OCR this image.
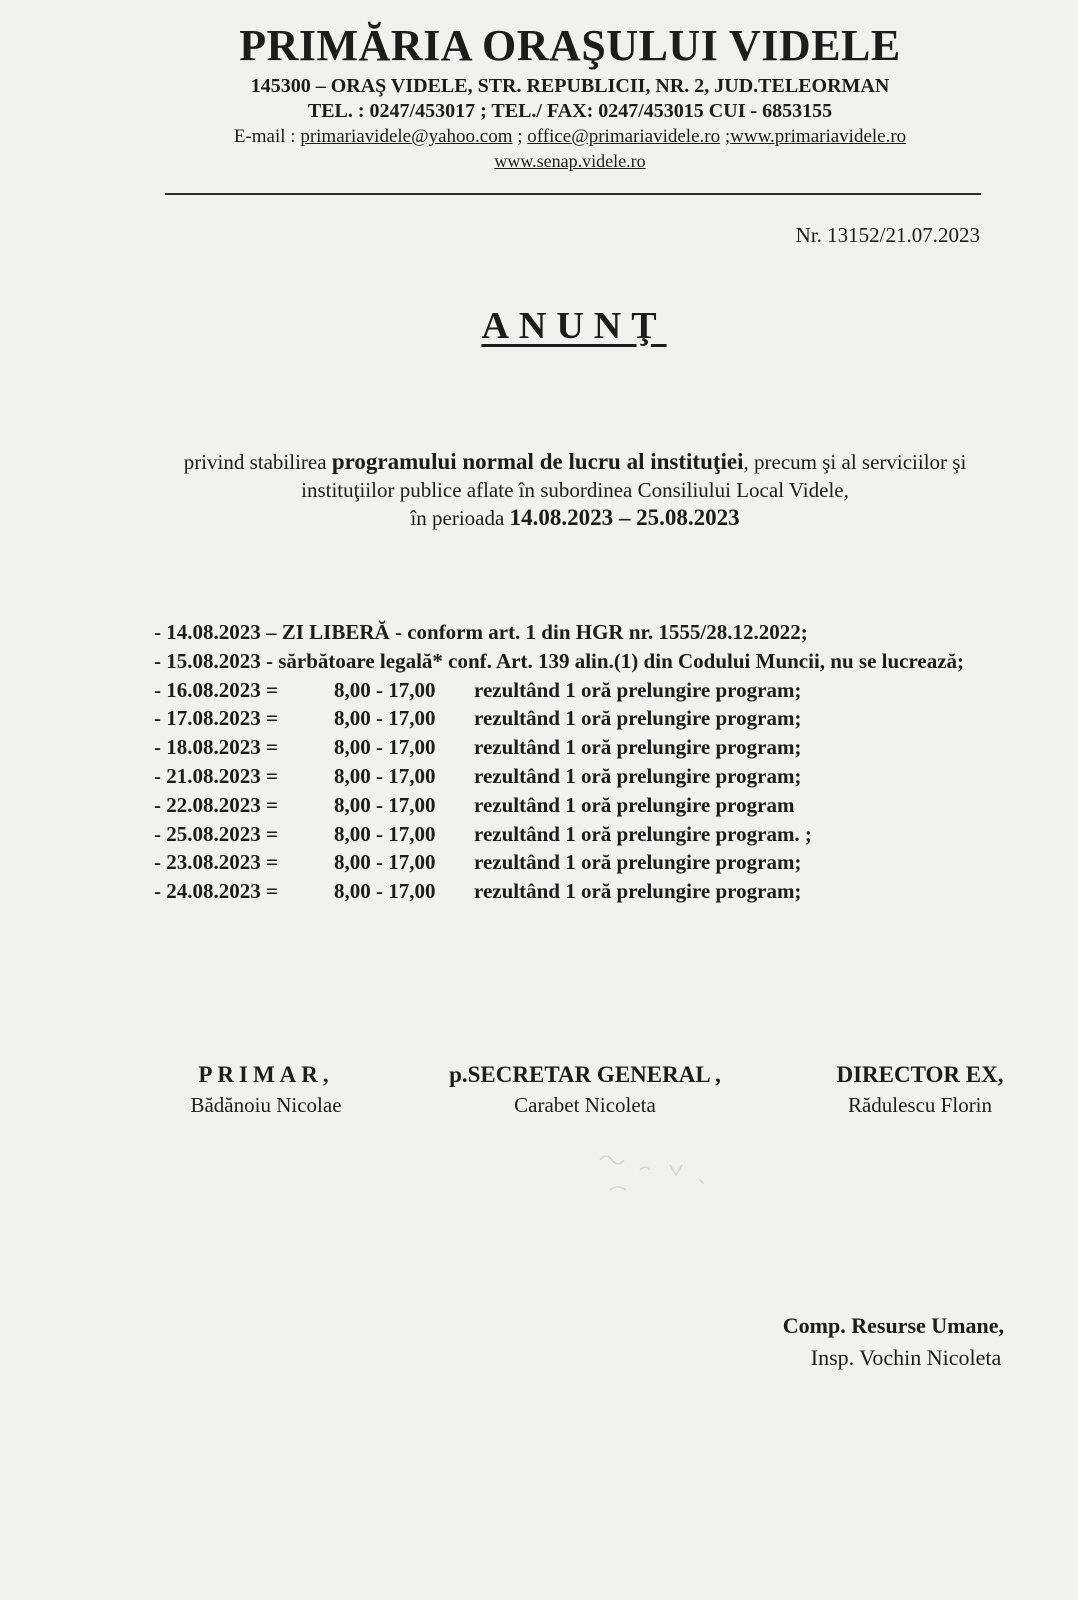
PRIMĂRIA ORAŞULUI VIDELE
145300 – ORAŞ VIDELE, STR. REPUBLICII, NR. 2, JUD.TELEORMAN
TEL. : 0247/453017 ; TEL./ FAX: 0247/453015 CUI - 6853155
E-mail : primariavidele@yahoo.com ; office@primariavidele.ro ;www.primariavidele.ro
www.senap.videle.ro
Nr. 13152/21.07.2023
ANUNŢ
privind stabilirea programului normal de lucru al instituţiei, precum şi al serviciilor şi instituţiilor publice aflate în subordinea Consiliului Local Videle,
în perioada 14.08.2023 – 25.08.2023
- 14.08.2023 – ZI LIBERĂ - conform art. 1 din HGR nr. 1555/28.12.2022;
- 15.08.2023 - sărbătoare legală* conf. Art. 139 alin.(1) din Codului Muncii, nu se lucrează;
- 16.08.2023 =	8,00 - 17,00 rezultând 1 oră prelungire program;
- 17.08.2023 =	8,00 - 17,00 rezultând 1 oră prelungire program;
- 18.08.2023 =	8,00 - 17,00 rezultând 1 oră prelungire program;
- 21.08.2023 =	8,00 - 17,00 rezultând 1 oră prelungire program;
- 22.08.2023 =	8,00 - 17,00 rezultând 1 oră prelungire program
- 25.08.2023 =	8,00 - 17,00 rezultând 1 oră prelungire program. ;
- 23.08.2023 =	8,00 - 17,00 rezultând 1 oră prelungire program;
- 24.08.2023 =	8,00 - 17,00 rezultând 1 oră prelungire program;
PRIMAR,
Bădănoiu Nicolae
p.SECRETAR GENERAL ,
Carabet Nicoleta
DIRECTOR EX,
Rădulescu Florin
Comp. Resurse Umane,
Insp. Vochin Nicoleta
